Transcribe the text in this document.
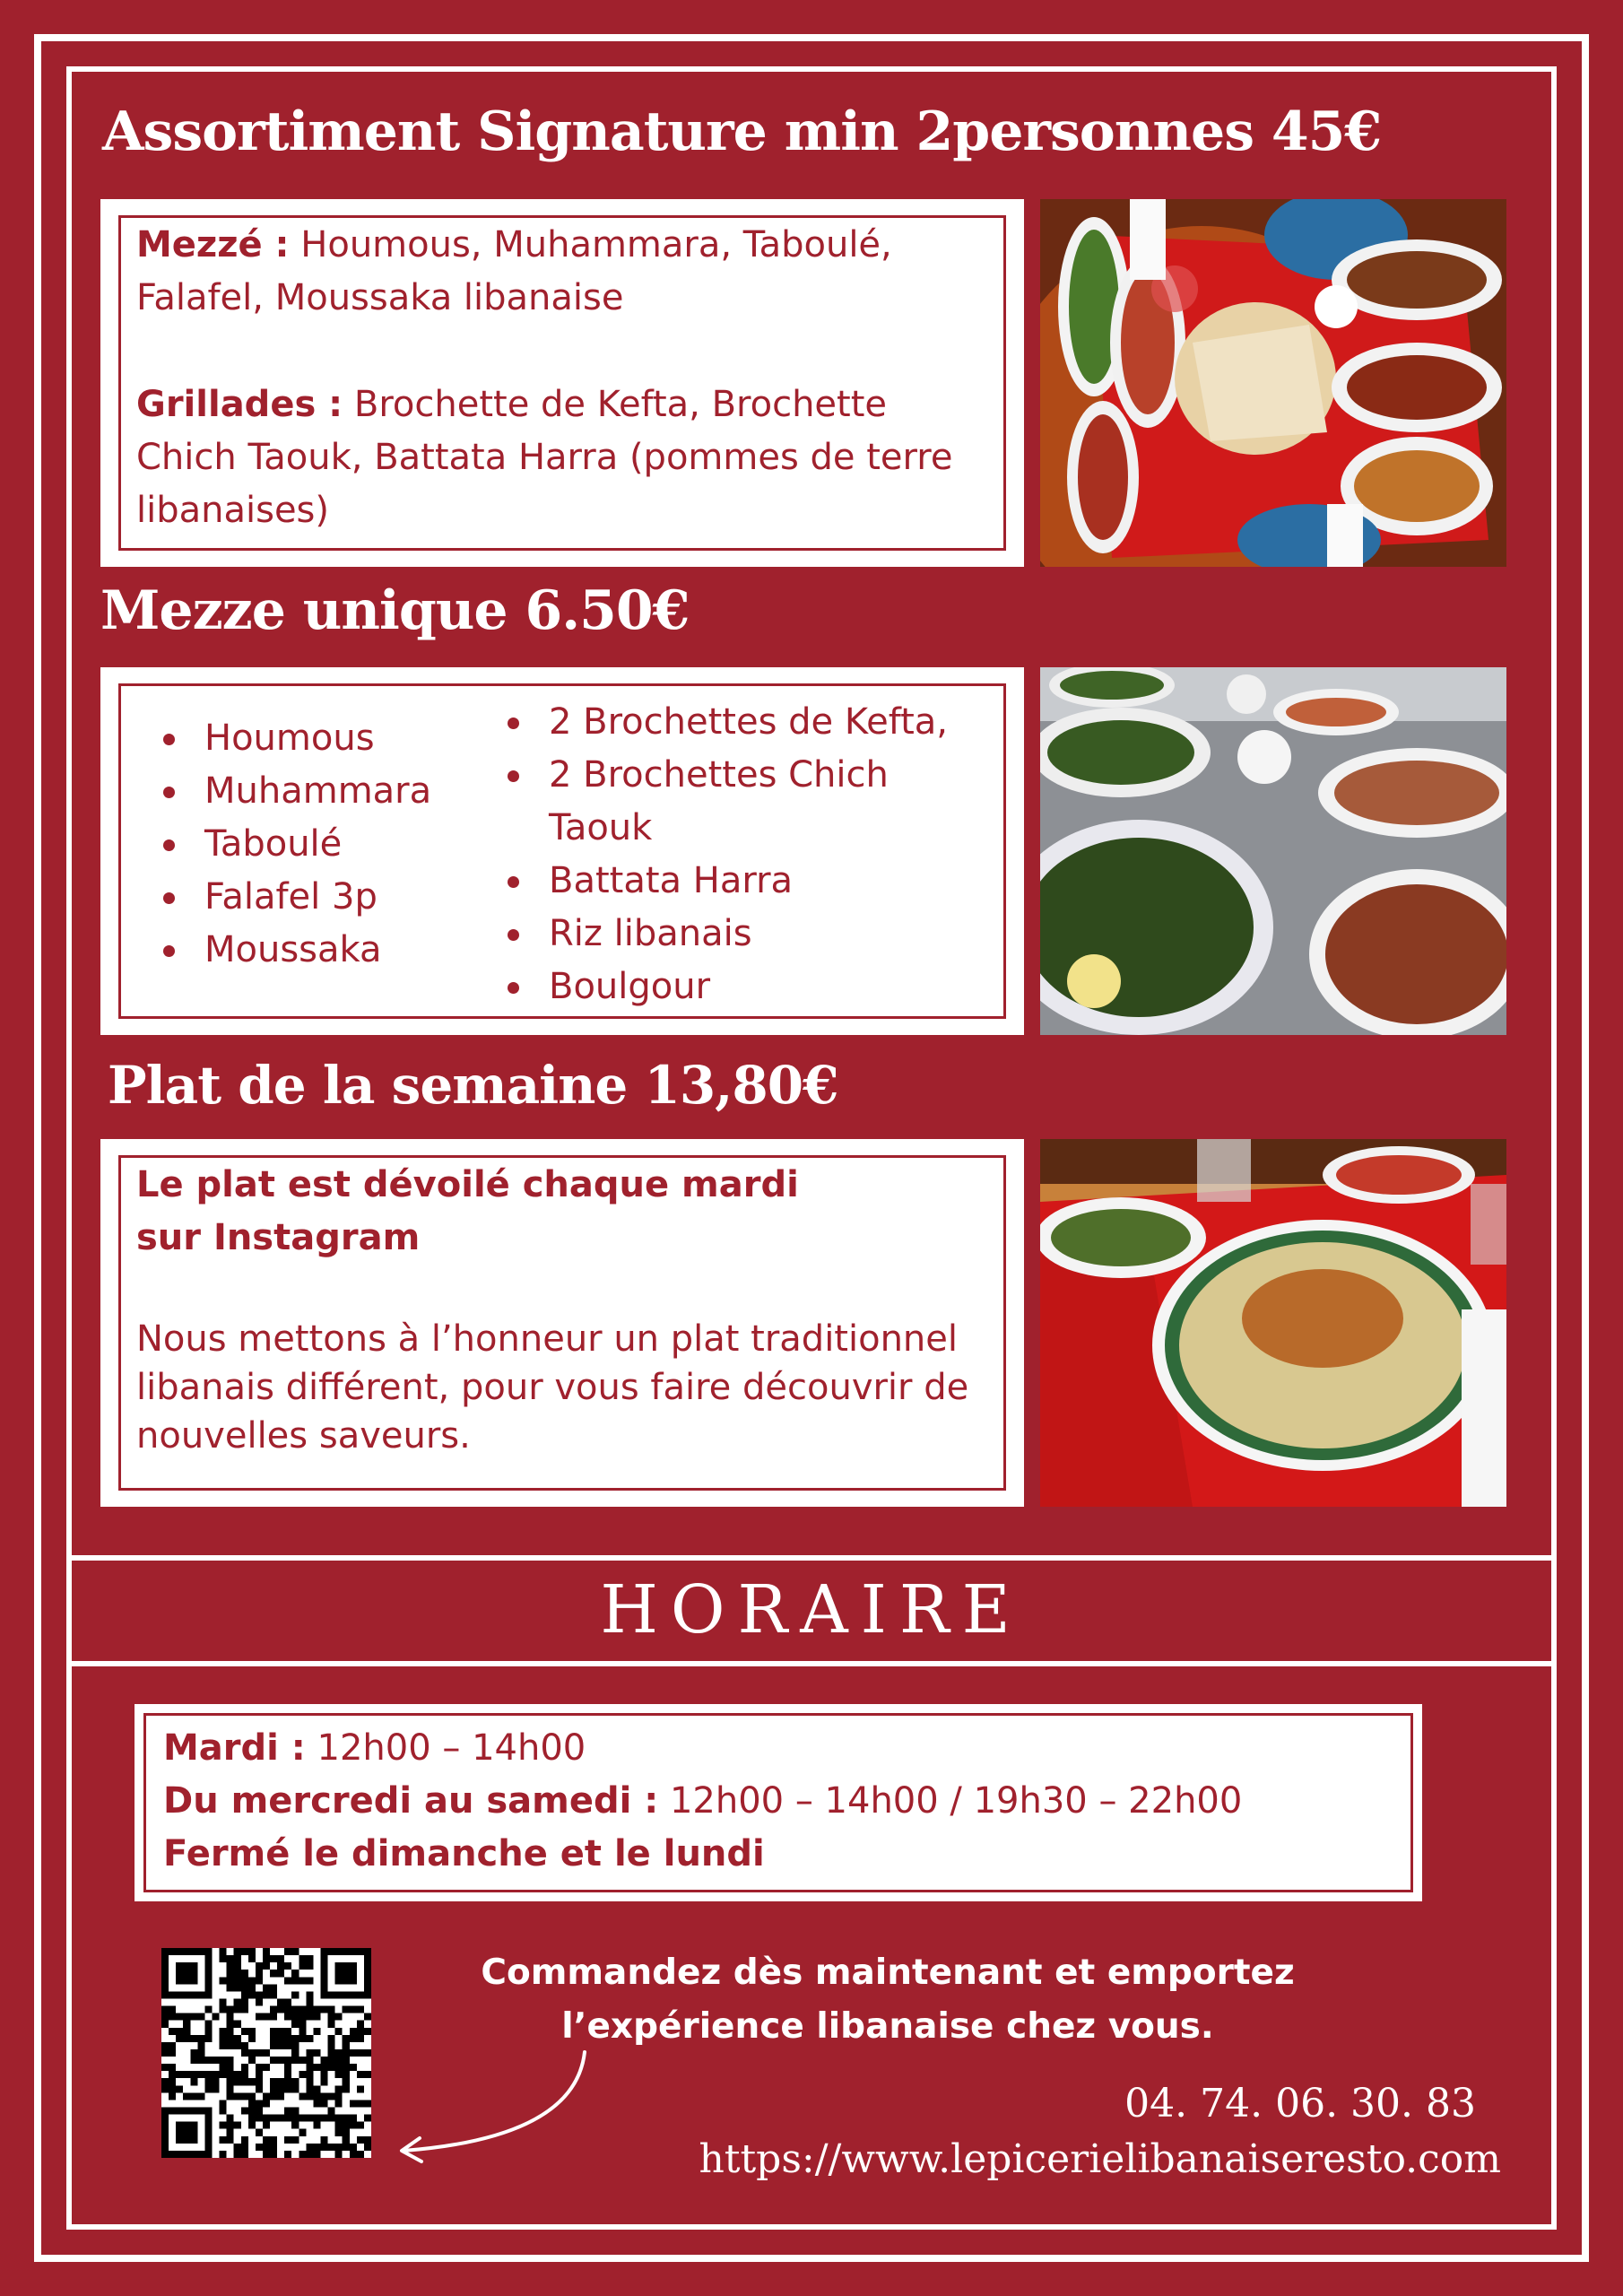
Assortiment Signature min 2personnes 45€
Mezzé : Houmous, Muhammara, Taboulé, Falafel, Moussaka libanaise
Grillades : Brochette de Kefta, Brochette Chich Taouk, Battata Harra (pommes de terre libanaises)
Mezze unique 6.50€
Houmous
Muhammara
Taboulé
Falafel 3p
Moussaka
2 Brochettes de Kefta,
2 Brochettes Chich Taouk
Battata Harra
Riz libanais
Boulgour
Plat de la semaine 13,80€
Le plat est dévoilé chaque mardi sur Instagram
Nous mettons à l’honneur un plat traditionnel libanais différent, pour vous faire découvrir de nouvelles saveurs.
HORAIRE
Mardi : 12h00 – 14h00
Du mercredi au samedi : 12h00 – 14h00 / 19h30 – 22h00
Fermé le dimanche et le lundi
Commandez dès maintenant et emportez
l’expérience libanaise chez vous.
04. 74. 06. 30. 83
https://www.lepicerielibanaiseresto.com
